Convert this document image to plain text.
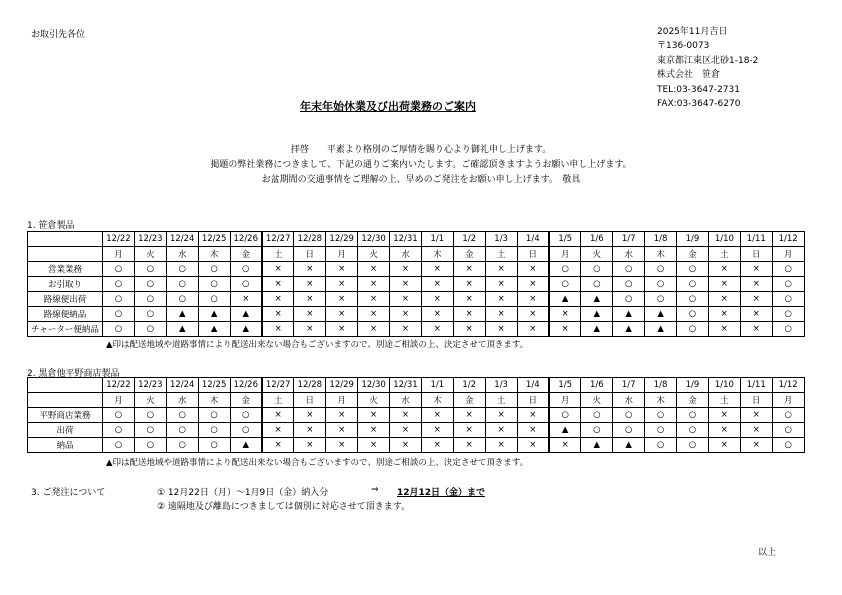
お取引先各位	2025年11月吉日
〒136-0073
東京都江東区北砂1-18-2
株式会社　笹倉
TEL:03-3647-2731
FAX:03-3647-6270
年末年始休業及び出荷業務のご案内
拝啓　　平素より格別のご厚情を賜り心より御礼申し上げます。
掲題の弊社業務につきまして、下記の通りご案内いたします。ご確認頂きますようお願い申し上げます。
お盆期間の交通事情をご理解の上、早めのご発注をお願い申し上げます。　敬具
1. 笹倉製品
	12/22	12/23	12/24	12/25	12/26	12/27	12/28	12/29	12/30	12/31	1/1	1/2	1/3	1/4	1/5	1/6	1/7	1/8	1/9	1/10	1/11	1/12
	月	火	水	木	金	土	日	月	火	水	木	金	土	日	月	火	水	木	金	土	日	月
営業業務	○	○	○	○	○	×	×	×	×	×	×	×	×	×	○	○	○	○	○	×	×	○
お引取り	○	○	○	○	○	×	×	×	×	×	×	×	×	×	○	○	○	○	○	×	×	○
路線便出荷	○	○	○	○	×	×	×	×	×	×	×	×	×	×	▲	▲	○	○	○	×	×	○
路線便納品	○	○	▲	▲	▲	×	×	×	×	×	×	×	×	×	×	▲	▲	▲	○	×	×	○
チャーター便納品	○	○	▲	▲	▲	×	×	×	×	×	×	×	×	×	×	▲	▲	▲	○	×	×	○
▲印は配送地域や道路事情により配送出来ない場合もございますので、別途ご相談の上、決定させて頂きます。
2. 黒倉他平野商店製品
	12/22	12/23	12/24	12/25	12/26	12/27	12/28	12/29	12/30	12/31	1/1	1/2	1/3	1/4	1/5	1/6	1/7	1/8	1/9	1/10	1/11	1/12
	月	火	水	木	金	土	日	月	火	水	木	金	土	日	月	火	水	木	金	土	日	月
平野商店業務	○	○	○	○	○	×	×	×	×	×	×	×	×	×	○	○	○	○	○	×	×	○
出荷	○	○	○	○	○	×	×	×	×	×	×	×	×	×	▲	○	○	○	○	×	×	○
納品	○	○	○	○	▲	×	×	×	×	×	×	×	×	×	×	▲	▲	○	○	×	×	○
▲印は配送地域や道路事情により配送出来ない場合もございますので、別途ご相談の上、決定させて頂きます。
3. ご発注について	① 12月22日（月）～1月9日（金）納入分	⇒ 12月12日（金）まで
② 遠隔地及び離島につきましては個別に対応させて頂きます。
以上
